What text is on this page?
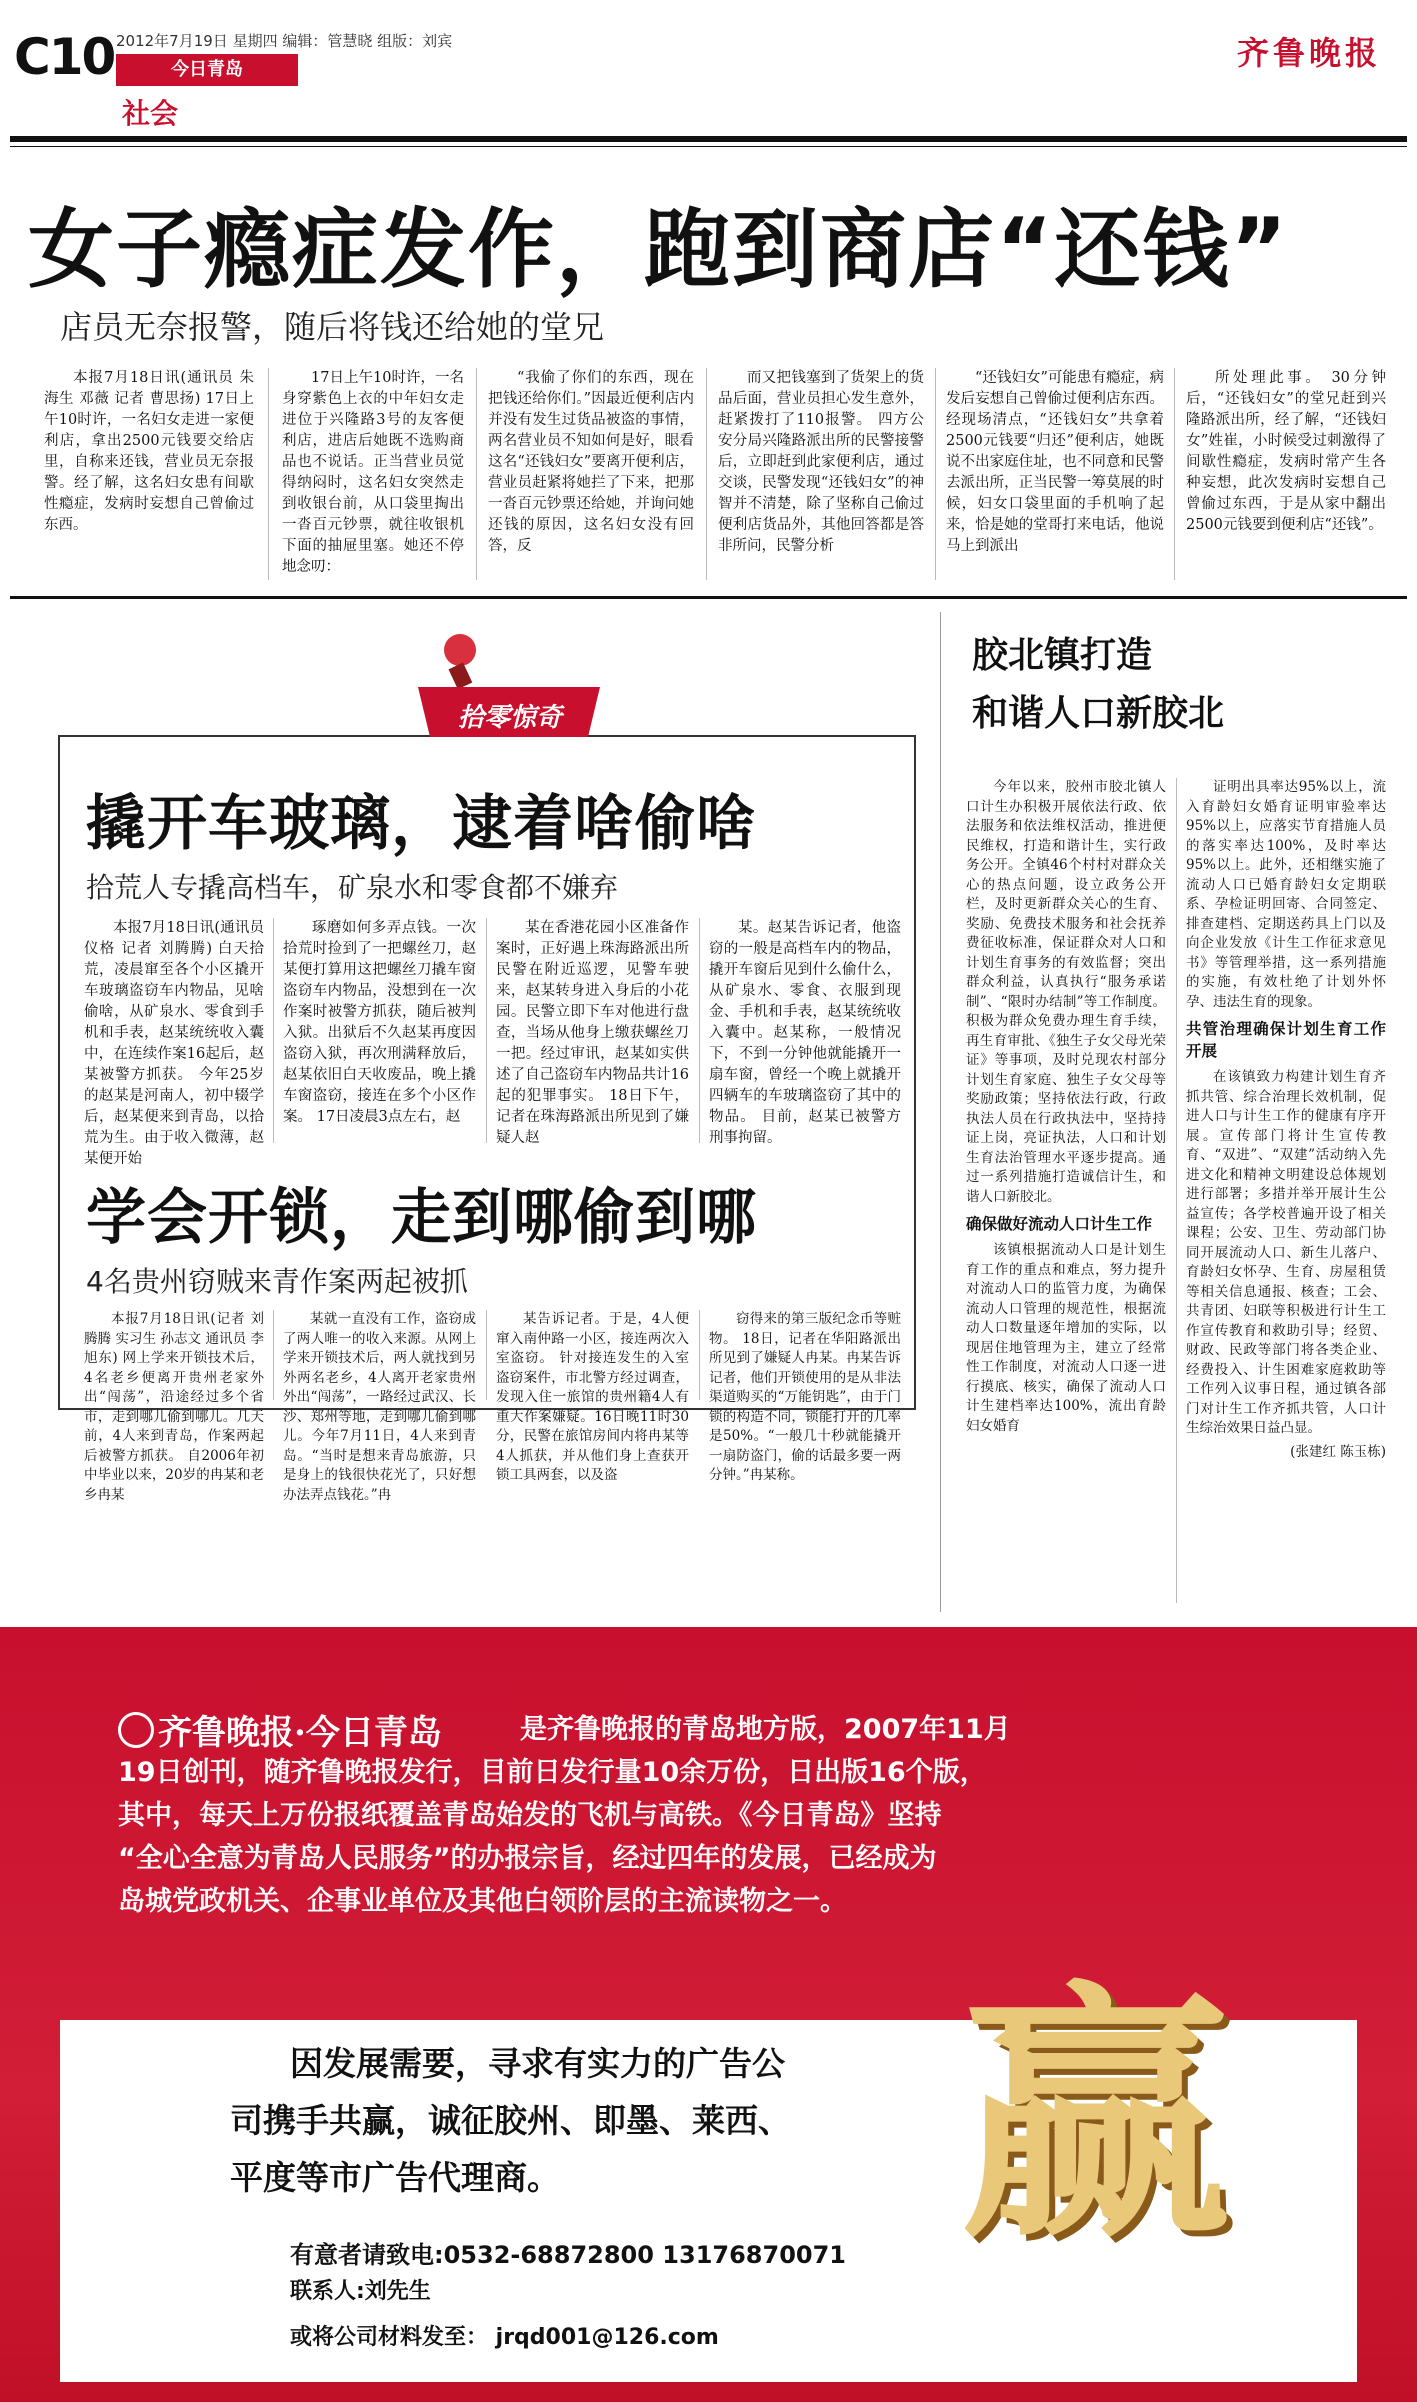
C10 2012年7月19日 星期四 编辑：管慧晓 组版：刘宾
今日青岛
社会
齐鲁晚报
女子瘾症发作，跑到商店“还钱”
店员无奈报警，随后将钱还给她的堂兄

本报7月18日讯(通讯员 朱海生 邓薇 记者 曹思扬) 17日上午10时许，一名妇女走进一家便利店，拿出2500元钱要交给店里，自称来还钱，营业员无奈报警。经了解，这名妇女患有间歇性瘾症，发病时妄想自己曾偷过东西。

17日上午10时许，一名身穿紫色上衣的中年妇女走进位于兴隆路3号的友客便利店，进店后她既不选购商品也不说话。正当营业员觉得纳闷时，这名妇女突然走到收银台前，从口袋里掏出一沓百元钞票，就往收银机下面的抽屉里塞。她还不停地念叨：

“我偷了你们的东西，现在把钱还给你们。”因最近便利店内并没有发生过货品被盗的事情，两名营业员不知如何是好，眼看这名“还钱妇女”要离开便利店，营业员赶紧将她拦了下来，把那一沓百元钞票还给她，并询问她还钱的原因，这名妇女没有回答，反

而又把钱塞到了货架上的货品后面，营业员担心发生意外，赶紧拨打了110报警。 四方公安分局兴隆路派出所的民警接警后，立即赶到此家便利店，通过交谈，民警发现“还钱妇女”的神智并不清楚，除了坚称自己偷过便利店货品外，其他回答都是答非所问，民警分析

“还钱妇女”可能患有瘾症，病发后妄想自己曾偷过便利店东西。经现场清点，“还钱妇女”共拿着2500元钱要“归还”便利店，她既说不出家庭住址，也不同意和民警去派出所，正当民警一筹莫展的时候，妇女口袋里面的手机响了起来，恰是她的堂哥打来电话，他说马上到派出

所处理此事。 30分钟后，“还钱妇女”的堂兄赶到兴隆路派出所，经了解，“还钱妇女”姓崔，小时候受过刺激得了间歇性瘾症，发病时常产生各种妄想，此次发病时妄想自己曾偷过东西，于是从家中翻出2500元钱要到便利店“还钱”。

拾零惊奇
撬开车玻璃，逮着啥偷啥
拾荒人专撬高档车，矿泉水和零食都不嫌弃

本报7月18日讯(通讯员 仪格 记者 刘腾腾) 白天拾荒，凌晨窜至各个小区撬开车玻璃盗窃车内物品，见啥偷啥，从矿泉水、零食到手机和手表，赵某统统收入囊中，在连续作案16起后，赵某被警方抓获。 今年25岁的赵某是河南人，初中辍学后，赵某便来到青岛，以拾荒为生。由于收入微薄，赵某便开始

琢磨如何多弄点钱。一次拾荒时捡到了一把螺丝刀，赵某便打算用这把螺丝刀撬车窗盗窃车内物品，没想到在一次作案时被警方抓获，随后被判入狱。出狱后不久赵某再度因盗窃入狱，再次刑满释放后，赵某依旧白天收废品，晚上撬车窗盗窃，接连在多个小区作案。 17日凌晨3点左右，赵

某在香港花园小区准备作案时，正好遇上珠海路派出所民警在附近巡逻，见警车驶来，赵某转身进入身后的小花园。民警立即下车对他进行盘查，当场从他身上缴获螺丝刀一把。经过审讯，赵某如实供述了自己盗窃车内物品共计16起的犯罪事实。 18日下午，记者在珠海路派出所见到了嫌疑人赵

某。赵某告诉记者，他盗窃的一般是高档车内的物品，撬开车窗后见到什么偷什么，从矿泉水、零食、衣服到现金、手机和手表，赵某统统收入囊中。赵某称，一般情况下，不到一分钟他就能撬开一扇车窗，曾经一个晚上就撬开四辆车的车玻璃盗窃了其中的物品。 目前，赵某已被警方刑事拘留。

学会开锁，走到哪偷到哪
4名贵州窃贼来青作案两起被抓

本报7月18日讯(记者 刘腾腾 实习生 孙志文 通讯员 李旭东) 网上学来开锁技术后，4名老乡便离开贵州老家外出“闯荡”，沿途经过多个省市，走到哪儿偷到哪儿。几天前，4人来到青岛，作案两起后被警方抓获。 自2006年初中毕业以来，20岁的冉某和老乡冉某

某就一直没有工作，盗窃成了两人唯一的收入来源。从网上学来开锁技术后，两人就找到另外两名老乡，4人离开老家贵州外出“闯荡”，一路经过武汉、长沙、郑州等地，走到哪儿偷到哪儿。今年7月11日，4人来到青岛。“当时是想来青岛旅游，只是身上的钱很快花光了，只好想办法弄点钱花。”冉

某告诉记者。于是，4人便窜入南仲路一小区，接连两次入室盗窃。 针对接连发生的入室盗窃案件，市北警方经过调查，发现入住一旅馆的贵州籍4人有重大作案嫌疑。16日晚11时30分，民警在旅馆房间内将冉某等4人抓获，并从他们身上查获开锁工具两套，以及盗

窃得来的第三版纪念币等赃物。 18日，记者在华阳路派出所见到了嫌疑人冉某。冉某告诉记者，他们开锁使用的是从非法渠道购买的“万能钥匙”，由于门锁的构造不同，锁能打开的几率是50%。“一般几十秒就能撬开一扇防盗门，偷的话最多要一两分钟。”冉某称。

胶北镇打造
和谐人口新胶北

今年以来，胶州市胶北镇人口计生办积极开展依法行政、依法服务和依法维权活动，推进便民维权，打造和谐计生，实行政务公开。全镇46个村村对群众关心的热点问题，设立政务公开栏，及时更新群众关心的生育、奖励、免费技术服务和社会抚养费征收标准，保证群众对人口和计划生育事务的有效监督；突出群众利益，认真执行“服务承诺制”、“限时办结制”等工作制度。积极为群众免费办理生育手续，再生育审批、《独生子女父母光荣证》等事项，及时兑现农村部分计划生育家庭、独生子女父母等奖励政策；坚持依法行政，行政执法人员在行政执法中，坚持持证上岗，亮证执法，人口和计划生育法治管理水平逐步提高。通过一系列措施打造诚信计生，和谐人口新胶北。

确保做好流动人口计生工作

该镇根据流动人口是计划生育工作的重点和难点，努力提升对流动人口的监管力度，为确保流动人口管理的规范性，根据流动人口数量逐年增加的实际，以现居住地管理为主，建立了经常性工作制度，对流动人口逐一进行摸底、核实，确保了流动人口计生建档率达100%，流出育龄妇女婚育

证明出具率达95%以上，流入育龄妇女婚育证明审验率达95%以上，应落实节育措施人员的落实率达100%，及时率达95%以上。此外，还相继实施了流动人口已婚育龄妇女定期联系、孕检证明回寄、合同签定、排查建档、定期送药具上门以及向企业发放《计生工作征求意见书》等管理举措，这一系列措施的实施，有效杜绝了计划外怀孕、违法生育的现象。

共管治理确保计划生育工作开展

在该镇致力构建计划生育齐抓共管、综合治理长效机制，促进人口与计生工作的健康有序开展。宣传部门将计生宣传教育、“双进”、“双建”活动纳入先进文化和精神文明建设总体规划进行部署；多措并举开展计生公益宣传；各学校普遍开设了相关课程；公安、卫生、劳动部门协同开展流动人口、新生儿落户、育龄妇女怀孕、生育、房屋租赁等相关信息通报、核查；工会、共青团、妇联等积极进行计生工作宣传教育和救助引导；经贸、财政、民政等部门将各类企业、经费投入、计生困难家庭救助等工作列入议事日程，通过镇各部门对计生工作齐抓共管，人口计生综治效果日益凸显。

(张建红 陈玉栋)
齐鲁晚报·今日青岛	是齐鲁晚报的青岛地方版，2007年11月
19日创刊，随齐鲁晚报发行，目前日发行量10余万份，日出版16个版，
其中，每天上万份报纸覆盖青岛始发的飞机与高铁。《今日青岛》坚持
“全心全意为青岛人民服务”的办报宗旨，经过四年的发展，已经成为
岛城党政机关、企事业单位及其他白领阶层的主流读物之一。
因发展需要，寻求有实力的广告公
司携手共赢，诚征胶州、即墨、莱西、
平度等市广告代理商。
有意者请致电:0532-68872800 13176870071
联系人:刘先生
或将公司材料发至： jrqd001@126.com
赢
